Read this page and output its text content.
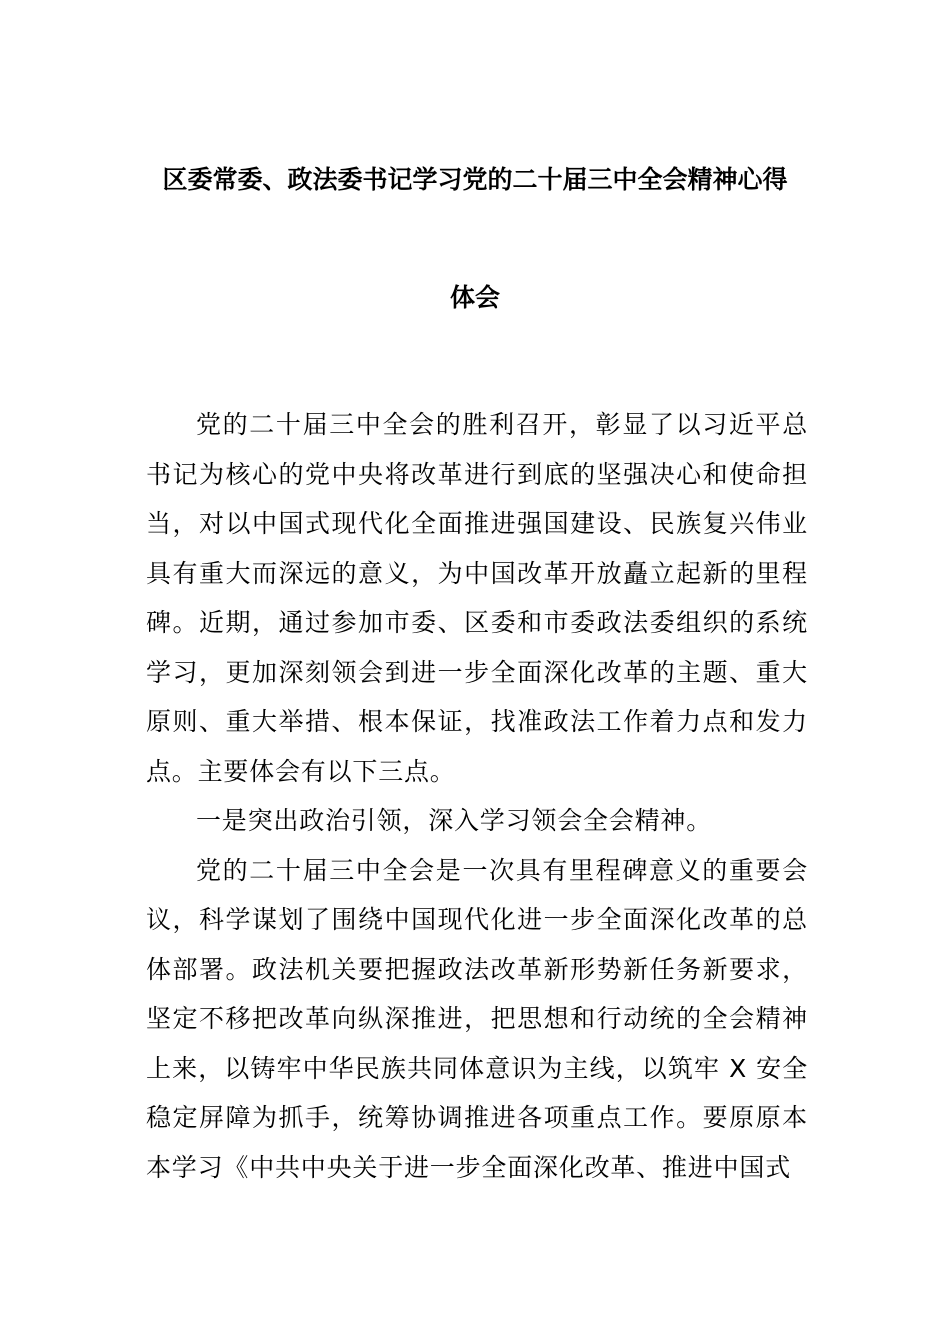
区委常委、政法委书记学习党的二十届三中全会精神心得
体会

党的二十届三中全会的胜利召开，彰显了以习近平总书记为核心的党中央将改革进行到底的坚强决心和使命担当，对以中国式现代化全面推进强国建设、民族复兴伟业具有重大而深远的意义，为中国改革开放矗立起新的里程碑。近期，通过参加市委、区委和市委政法委组织的系统学习，更加深刻领会到进一步全面深化改革的主题、重大原则、重大举措、根本保证，找准政法工作着力点和发力点。主要体会有以下三点。

一是突出政治引领，深入学习领会全会精神。

党的二十届三中全会是一次具有里程碑意义的重要会议，科学谋划了围绕中国现代化进一步全面深化改革的总体部署。政法机关要把握政法改革新形势新任务新要求，坚定不移把改革向纵深推进，把思想和行动统的全会精神上来，以铸牢中华民族共同体意识为主线，以筑牢 X 安全稳定屏障为抓手，统筹协调推进各项重点工作。要原原本本学习《中共中央关于进一步全面深化改革、推进中国式
